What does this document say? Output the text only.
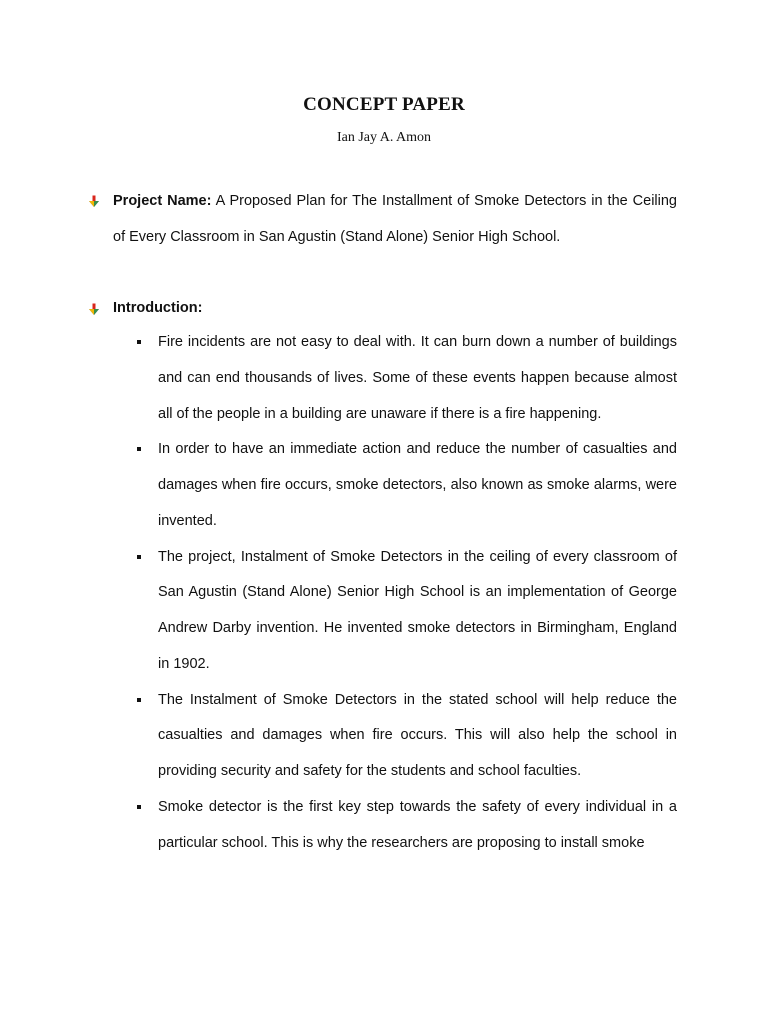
CONCEPT PAPER
Ian Jay A. Amon
Project Name: A Proposed Plan for The Installment of Smoke Detectors in the Ceiling of Every Classroom in San Agustin (Stand Alone) Senior High School.
Introduction:
Fire incidents are not easy to deal with. It can burn down a number of buildings and can end thousands of lives. Some of these events happen because almost all of the people in a building are unaware if there is a fire happening.
In order to have an immediate action and reduce the number of casualties and damages when fire occurs, smoke detectors, also known as smoke alarms, were invented.
The project, Instalment of Smoke Detectors in the ceiling of every classroom of San Agustin (Stand Alone) Senior High School is an implementation of George Andrew Darby invention. He invented smoke detectors in Birmingham, England in 1902.
The Instalment of Smoke Detectors in the stated school will help reduce the casualties and damages when fire occurs. This will also help the school in providing security and safety for the students and school faculties.
Smoke detector is the first key step towards the safety of every individual in a particular school. This is why the researchers are proposing to install smoke
